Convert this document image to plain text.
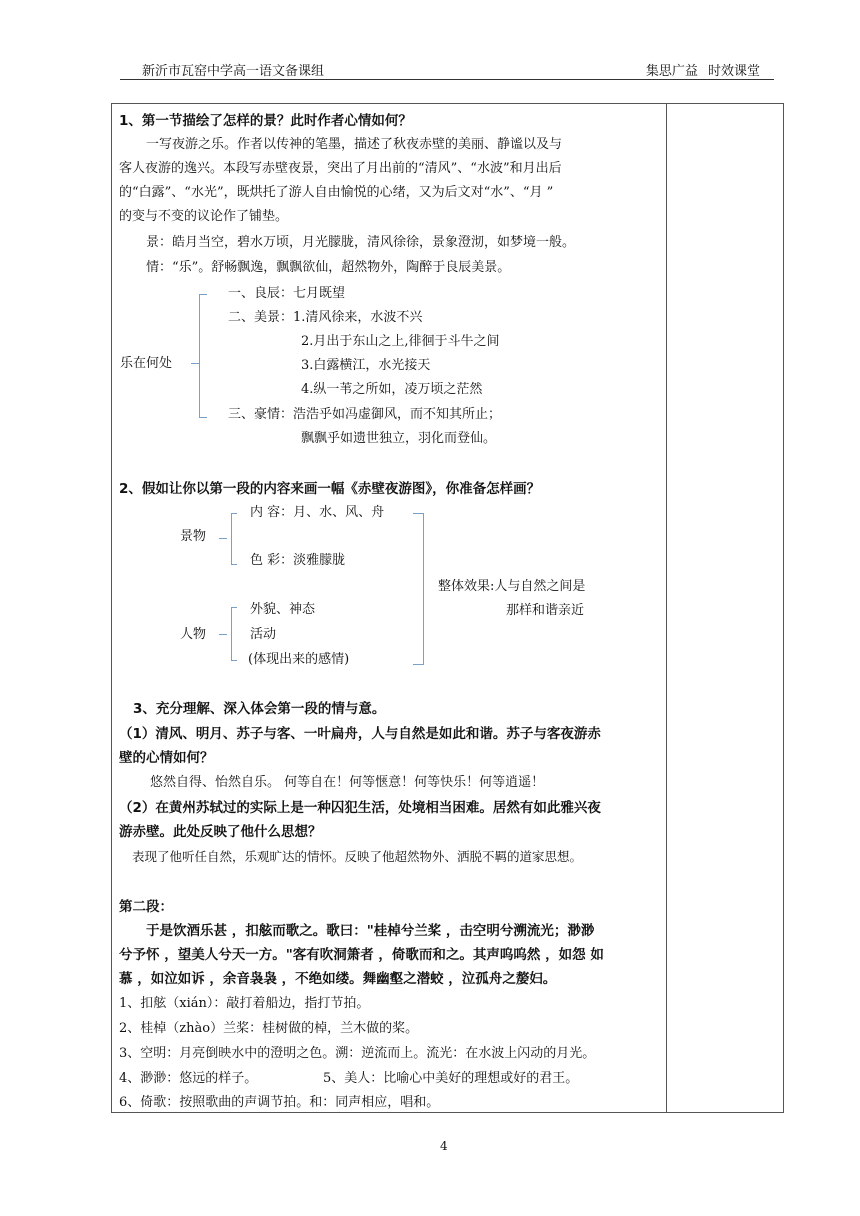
新沂市瓦窑中学高一语文备课组	集思广益 时效课堂
1、第一节描绘了怎样的景？此时作者心情如何？
一写夜游之乐。作者以传神的笔墨，描述了秋夜赤壁的美丽、静谧以及与
客人夜游的逸兴。本段写赤壁夜景，突出了月出前的“清风”、“水波”和月出后
的“白露”、“水光”，既烘托了游人自由愉悦的心绪，又为后文对“水”、“月 ”
的变与不变的议论作了铺垫。
景：皓月当空，碧水万顷，月光朦胧，清风徐徐，景象澄沏，如梦境一般。
情：“乐”。舒畅飘逸，飘飘欲仙，超然物外，陶醉于良辰美景。
乐在何处
一、良辰：七月既望
二、美景：1.清风徐来，水波不兴
2.月出于东山之上,徘徊于斗牛之间
3.白露横江，水光接天
4.纵一苇之所如，凌万顷之茫然
三、豪情：浩浩乎如冯虚御风，而不知其所止；
飘飘乎如遗世独立，羽化而登仙。
2、假如让你以第一段的内容来画一幅《赤壁夜游图》，你准备怎样画？
景物
内 容：月、水、风、舟
色 彩：淡雅朦胧
人物
外貌、神态
活动
(体现出来的感情)
整体效果:人与自然之间是
那样和谐亲近
3、充分理解、深入体会第一段的情与意。
（1）清风、明月、苏子与客、一叶扁舟，人与自然是如此和谐。苏子与客夜游赤
壁的心情如何？
悠然自得、怡然自乐。 何等自在！何等惬意！何等快乐！何等逍遥！
（2）在黄州苏轼过的实际上是一种囚犯生活，处境相当困难。居然有如此雅兴夜
游赤壁。此处反映了他什么思想？
表现了他听任自然，乐观旷达的情怀。反映了他超然物外、洒脱不羁的道家思想。
第二段：
于是饮酒乐甚 ，扣舷而歌之。歌曰："桂棹兮兰桨 ，击空明兮溯流光；渺渺
兮予怀 ，望美人兮天一方。"客有吹洞箫者 ，倚歌而和之。其声呜呜然 ，如怨 如
慕 ，如泣如诉 ，余音袅袅 ，不绝如缕。舞幽壑之潜蛟 ，泣孤舟之嫠妇。
1、扣舷（xián）：敲打着船边，指打节拍。
2、桂棹（zhào）兰桨：桂树做的棹，兰木做的桨。
3、空明：月亮倒映水中的澄明之色。溯：逆流而上。流光：在水波上闪动的月光。
4、渺渺：悠远的样子。	5、美人：比喻心中美好的理想或好的君王。
6、倚歌：按照歌曲的声调节拍。和：同声相应，唱和。
4
